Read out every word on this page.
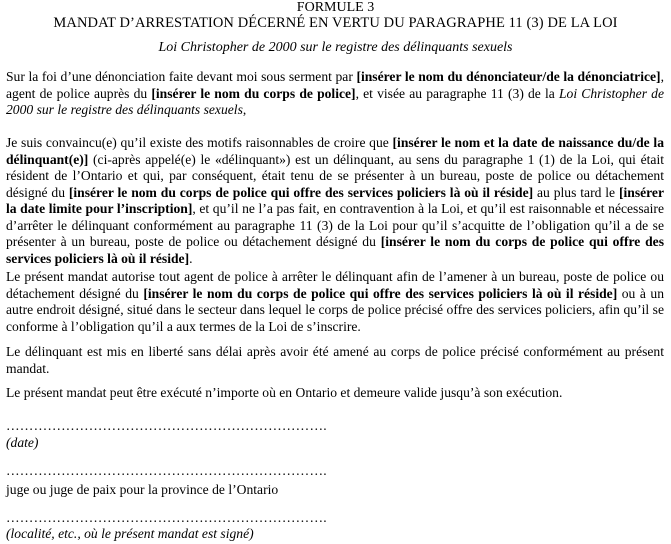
FORMULE 3
MANDAT D’ARRESTATION DÉCERNÉ EN VERTU DU PARAGRAPHE 11 (3) DE LA LOI
Loi Christopher de 2000 sur le registre des délinquants sexuels

Sur la foi d’une dénonciation faite devant moi sous serment par [insérer le nom du dénonciateur/de la dénonciatrice], agent de police auprès du [insérer le nom du corps de police], et visée au paragraphe 11 (3) de la Loi Christopher de 2000 sur le registre des délinquants sexuels,

Je suis convaincu(e) qu’il existe des motifs raisonnables de croire que [insérer le nom et la date de naissance du/de la délinquant(e)] (ci-après appelé(e) le «délinquant») est un délinquant, au sens du paragraphe 1 (1) de la Loi, qui était résident de l’Ontario et qui, par conséquent, était tenu de se présenter à un bureau, poste de police ou détachement désigné du [insérer le nom du corps de police qui offre des services policiers là où il réside] au plus tard le [insérer la date limite pour l’inscription], et qu’il ne l’a pas fait, en contravention à la Loi, et qu’il est raisonnable et nécessaire d’arrêter le délinquant conformément au paragraphe 11 (3) de la Loi pour qu’il s’acquitte de l’obligation qu’il a de se présenter à un bureau, poste de police ou détachement désigné du [insérer le nom du corps de police qui offre des services policiers là où il réside].

Le présent mandat autorise tout agent de police à arrêter le délinquant afin de l’amener à un bureau, poste de police ou détachement désigné du [insérer le nom du corps de police qui offre des services policiers là où il réside] ou à un autre endroit désigné, situé dans le secteur dans lequel le corps de police précisé offre des services policiers, afin qu’il se conforme à l’obligation qu’il a aux termes de la Loi de s’inscrire.

Le délinquant est mis en liberté sans délai après avoir été amené au corps de police précisé conformément au présent mandat.

Le présent mandat peut être exécuté n’importe où en Ontario et demeure valide jusqu’à son exécution.

…………………………………………………………….
(date)
…………………………………………………………….
juge ou juge de paix pour la province de l’Ontario
…………………………………………………………….
(localité, etc., où le présent mandat est signé)
